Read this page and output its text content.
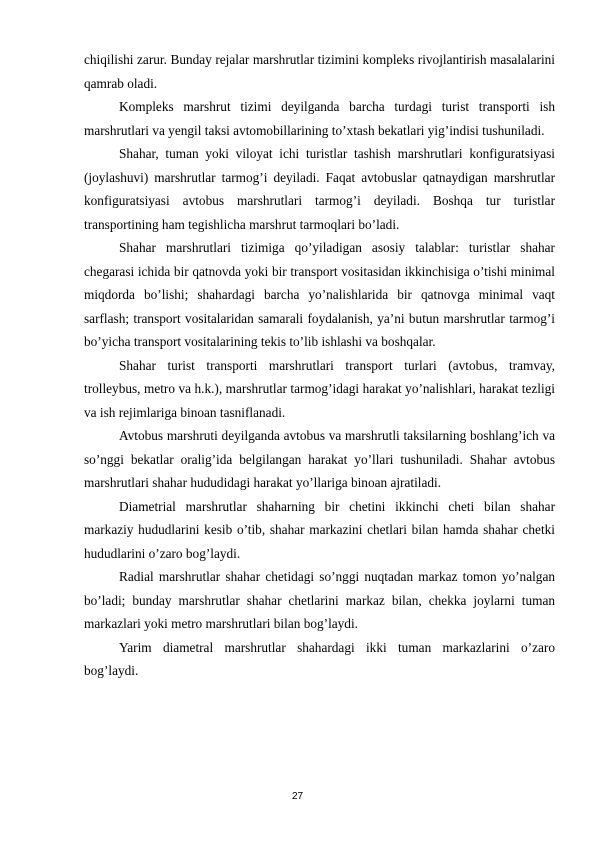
chiqilishi zarur. Bunday rejalar marshrutlar tizimini kompleks rivojlantirish masalalarini qamrab oladi.

Kompleks marshrut tizimi deyilganda barcha turdagi turist transporti ish marshrutlari va yengil taksi avtomobillarining to’xtash bekatlari yig’indisi tushuniladi.

Shahar, tuman yoki viloyat ichi turistlar tashish marshrutlari konfiguratsiyasi (joylashuvi) marshrutlar tarmog’i deyiladi. Faqat avtobuslar qatnaydigan marshrutlar konfiguratsiyasi avtobus marshrutlari tarmog’i deyiladi. Boshqa tur turistlar transportining ham tegishlicha marshrut tarmoqlari bo’ladi.

Shahar marshrutlari tizimiga qo’yiladigan asosiy talablar: turistlar shahar chegarasi ichida bir qatnovda yoki bir transport vositasidan ikkinchisiga o’tishi minimal miqdorda bo’lishi; shahardagi barcha yo’nalishlarida bir qatnovga minimal vaqt sarflash; transport vositalaridan samarali foydalanish, ya’ni butun marshrutlar tarmog’i bo’yicha transport vositalarining tekis to’lib ishlashi va boshqalar.

Shahar turist transporti marshrutlari transport turlari (avtobus, tramvay, trolleybus, metro va h.k.), marshrutlar tarmog’idagi harakat yo’nalishlari, harakat tezligi va ish rejimlariga binoan tasniflanadi.

Avtobus marshruti deyilganda avtobus va marshrutli taksilarning boshlang’ich va so’nggi bekatlar oralig’ida belgilangan harakat yo’llari tushuniladi. Shahar avtobus marshrutlari shahar hududidagi harakat yo’llariga binoan ajratiladi.

Diametrial marshrutlar shaharning bir chetini ikkinchi cheti bilan shahar markaziy hududlarini kesib o’tib, shahar markazini chetlari bilan hamda shahar chetki hududlarini o’zaro bog’laydi.

Radial marshrutlar shahar chetidagi so’nggi nuqtadan markaz tomon yo’nalgan bo’ladi; bunday marshrutlar shahar chetlarini markaz bilan, chekka joylarni tuman markazlari yoki metro marshrutlari bilan bog’laydi.

Yarim diametral marshrutlar shahardagi ikki tuman markazlarini o’zaro bog’laydi.

27
